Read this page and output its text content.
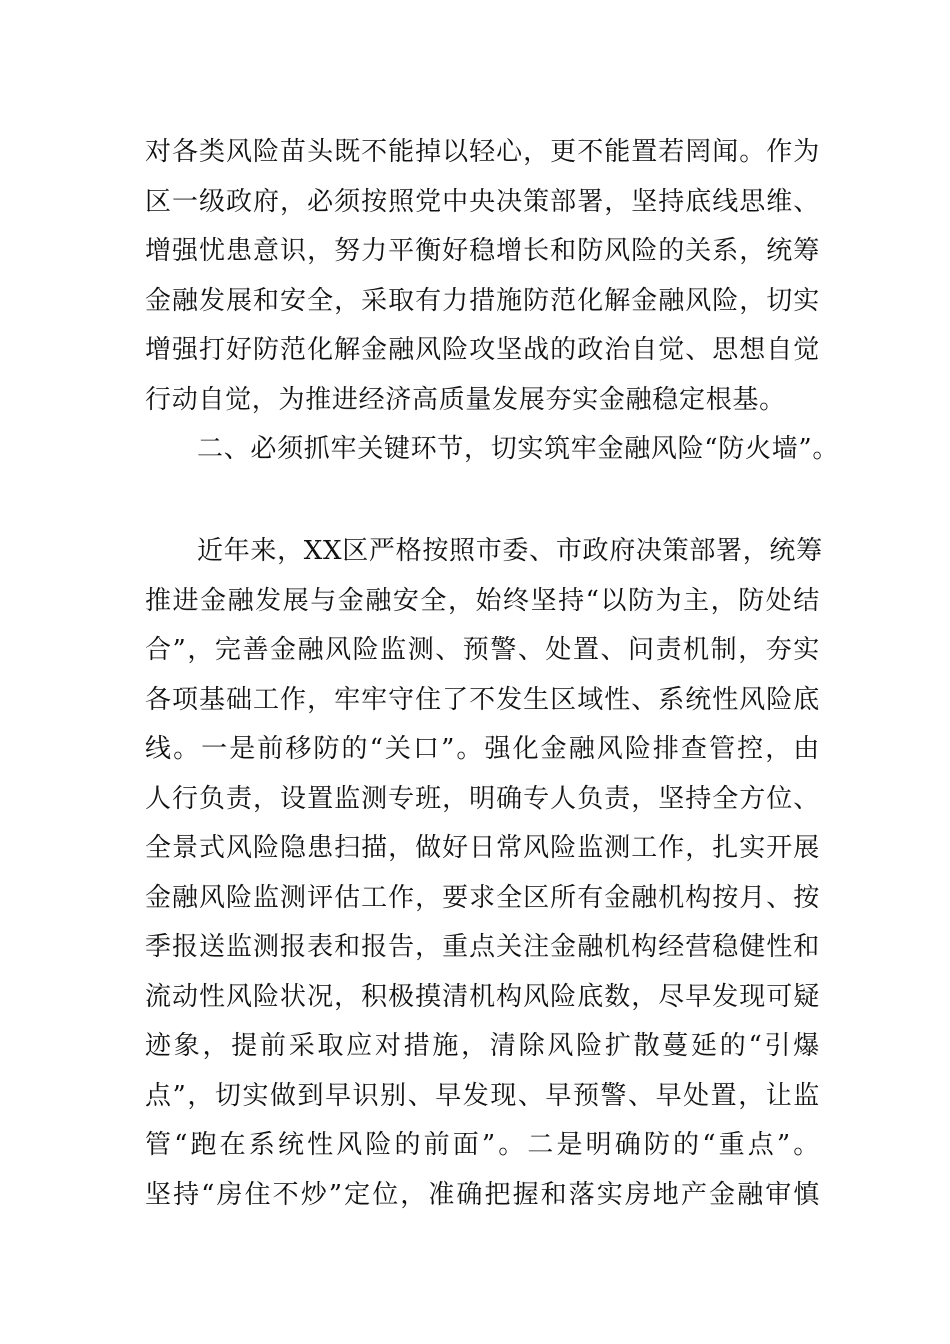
对各类风险苗头既不能掉以轻心，更不能置若罔闻。作为
区一级政府，必须按照党中央决策部署，坚持底线思维、
增强忧患意识，努力平衡好稳增长和防风险的关系，统筹
金融发展和安全，采取有力措施防范化解金融风险，切实
增强打好防范化解金融风险攻坚战的政治自觉、思想自觉
行动自觉，为推进经济高质量发展夯实金融稳定根基。
二、必须抓牢关键环节，切实筑牢金融风险“防火墙”。
近年来，XX区严格按照市委、市政府决策部署，统筹
推进金融发展与金融安全，始终坚持“以防为主，防处结
合”，完善金融风险监测、预警、处置、问责机制，夯实
各项基础工作，牢牢守住了不发生区域性、系统性风险底
线。一是前移防的“关口”。强化金融风险排查管控，由
人行负责，设置监测专班，明确专人负责，坚持全方位、
全景式风险隐患扫描，做好日常风险监测工作，扎实开展
金融风险监测评估工作，要求全区所有金融机构按月、按
季报送监测报表和报告，重点关注金融机构经营稳健性和
流动性风险状况，积极摸清机构风险底数，尽早发现可疑
迹象，提前采取应对措施，清除风险扩散蔓延的“引爆
点”，切实做到早识别、早发现、早预警、早处置，让监
管“跑在系统性风险的前面”。二是明确防的“重点”。
坚持“房住不炒”定位，准确把握和落实房地产金融审慎
